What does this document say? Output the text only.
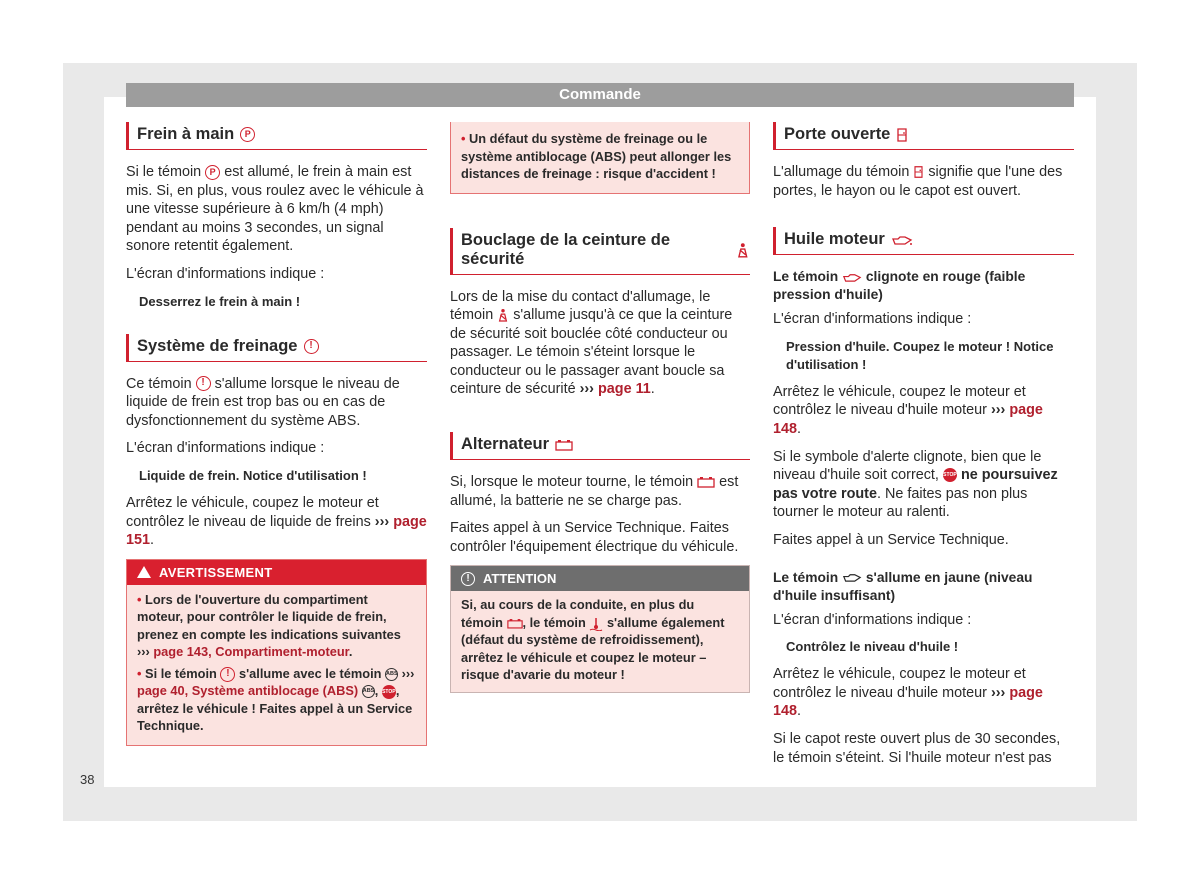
Commande
Frein à main	P

Si le témoin P est allumé, le frein à main est mis. Si, en plus, vous roulez avec le véhicule à une vitesse supérieure à 6 km/h (4 mph) pendant au moins 3 secondes, un signal sonore retentit également.

L'écran d'informations indique :

Desserrez le frein à main !

Système de freinage	!

Ce témoin ! s'allume lorsque le niveau de liquide de frein est trop bas ou en cas de dysfonctionnement du système ABS.

L'écran d'informations indique :

Liquide de frein. Notice d'utilisation !

Arrêtez le véhicule, coupez le moteur et contrôlez le niveau de liquide de freins ››› page 151.

AVERTISSEMENT
• Lors de l'ouverture du compartiment moteur, pour contrôler le liquide de frein, prenez en compte les indications suivantes ››› page 143, Compartiment-moteur.
• Si le témoin ! s'allume avec le témoin ABS ››› page 40, Système antiblocage (ABS) ABS, STOP, arrêtez le véhicule ! Faites appel à un Service Technique.
• Un défaut du système de freinage ou le système antiblocage (ABS) peut allonger les distances de freinage : risque d'accident !
Bouclage de la ceinture de sécurité

Lors de la mise du contact d'allumage, le témoin s'allume jusqu'à ce que la ceinture de sécurité soit bouclée côté conducteur ou passager. Le témoin s'éteint lorsque le conducteur ou le passager avant boucle sa ceinture de sécurité ››› page 11.

Alternateur

Si, lorsque le moteur tourne, le témoin est allumé, la batterie ne se charge pas.

Faites appel à un Service Technique. Faites contrôler l'équipement électrique du véhicule.

!	ATTENTION
Si, au cours de la conduite, en plus du témoin , le témoin s'allume également (défaut du système de refroidissement), arrêtez le véhicule et coupez le moteur – risque d'avarie du moteur !
Porte ouverte

L'allumage du témoin signifie que l'une des portes, le hayon ou le capot est ouvert.

Huile moteur

Le témoin clignote en rouge (faible pression d'huile)

L'écran d'informations indique :

Pression d'huile. Coupez le moteur ! Notice d'utilisation !

Arrêtez le véhicule, coupez le moteur et contrôlez le niveau d'huile moteur ››› page 148.

Si le symbole d'alerte clignote, bien que le niveau d'huile soit correct, STOP ne poursuivez pas votre route. Ne faites pas non plus tourner le moteur au ralenti.

Faites appel à un Service Technique.

Le témoin s'allume en jaune (niveau d'huile insuffisant)

L'écran d'informations indique :

Contrôlez le niveau d'huile !

Arrêtez le véhicule, coupez le moteur et contrôlez le niveau d'huile moteur ››› page 148.

Si le capot reste ouvert plus de 30 secondes, le témoin s'éteint. Si l'huile moteur n'est pas

38
